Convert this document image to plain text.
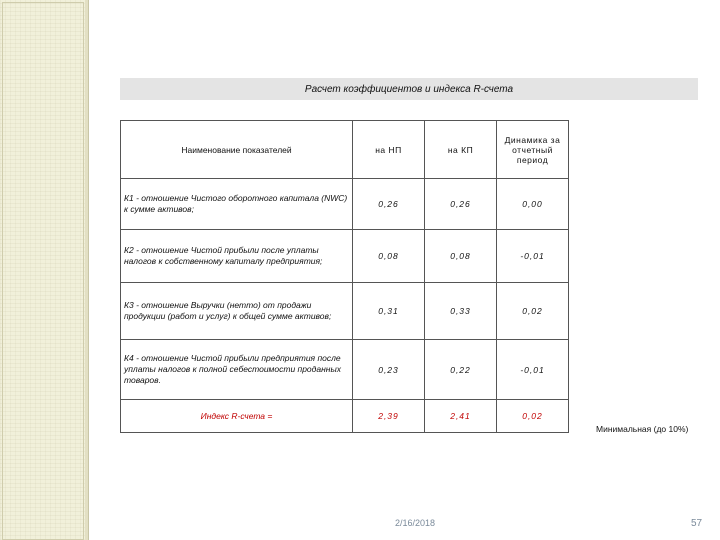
Расчет коэффициентов и индекса R-счета
Наименование показателей	на НП	на КП	Динамика за отчетный период
К1 - отношение Чистого оборотного капитала (NWC) к сумме активов;	0,26	0,26	0,00
К2 - отношение Чистой прибыли после уплаты налогов к собственному капиталу предприятия;	0,08	0,08	-0,01
К3 - отношение Выручки (нетто) от продажи продукции (работ и услуг) к общей сумме активов;	0,31	0,33	0,02
К4 - отношение Чистой прибыли предприятия после уплаты налогов к полной себестоимости проданных товаров.	0,23	0,22	-0,01
Индекс R-счета =	2,39	2,41	0,02
Минимальная (до 10%)
2/16/2018	57
